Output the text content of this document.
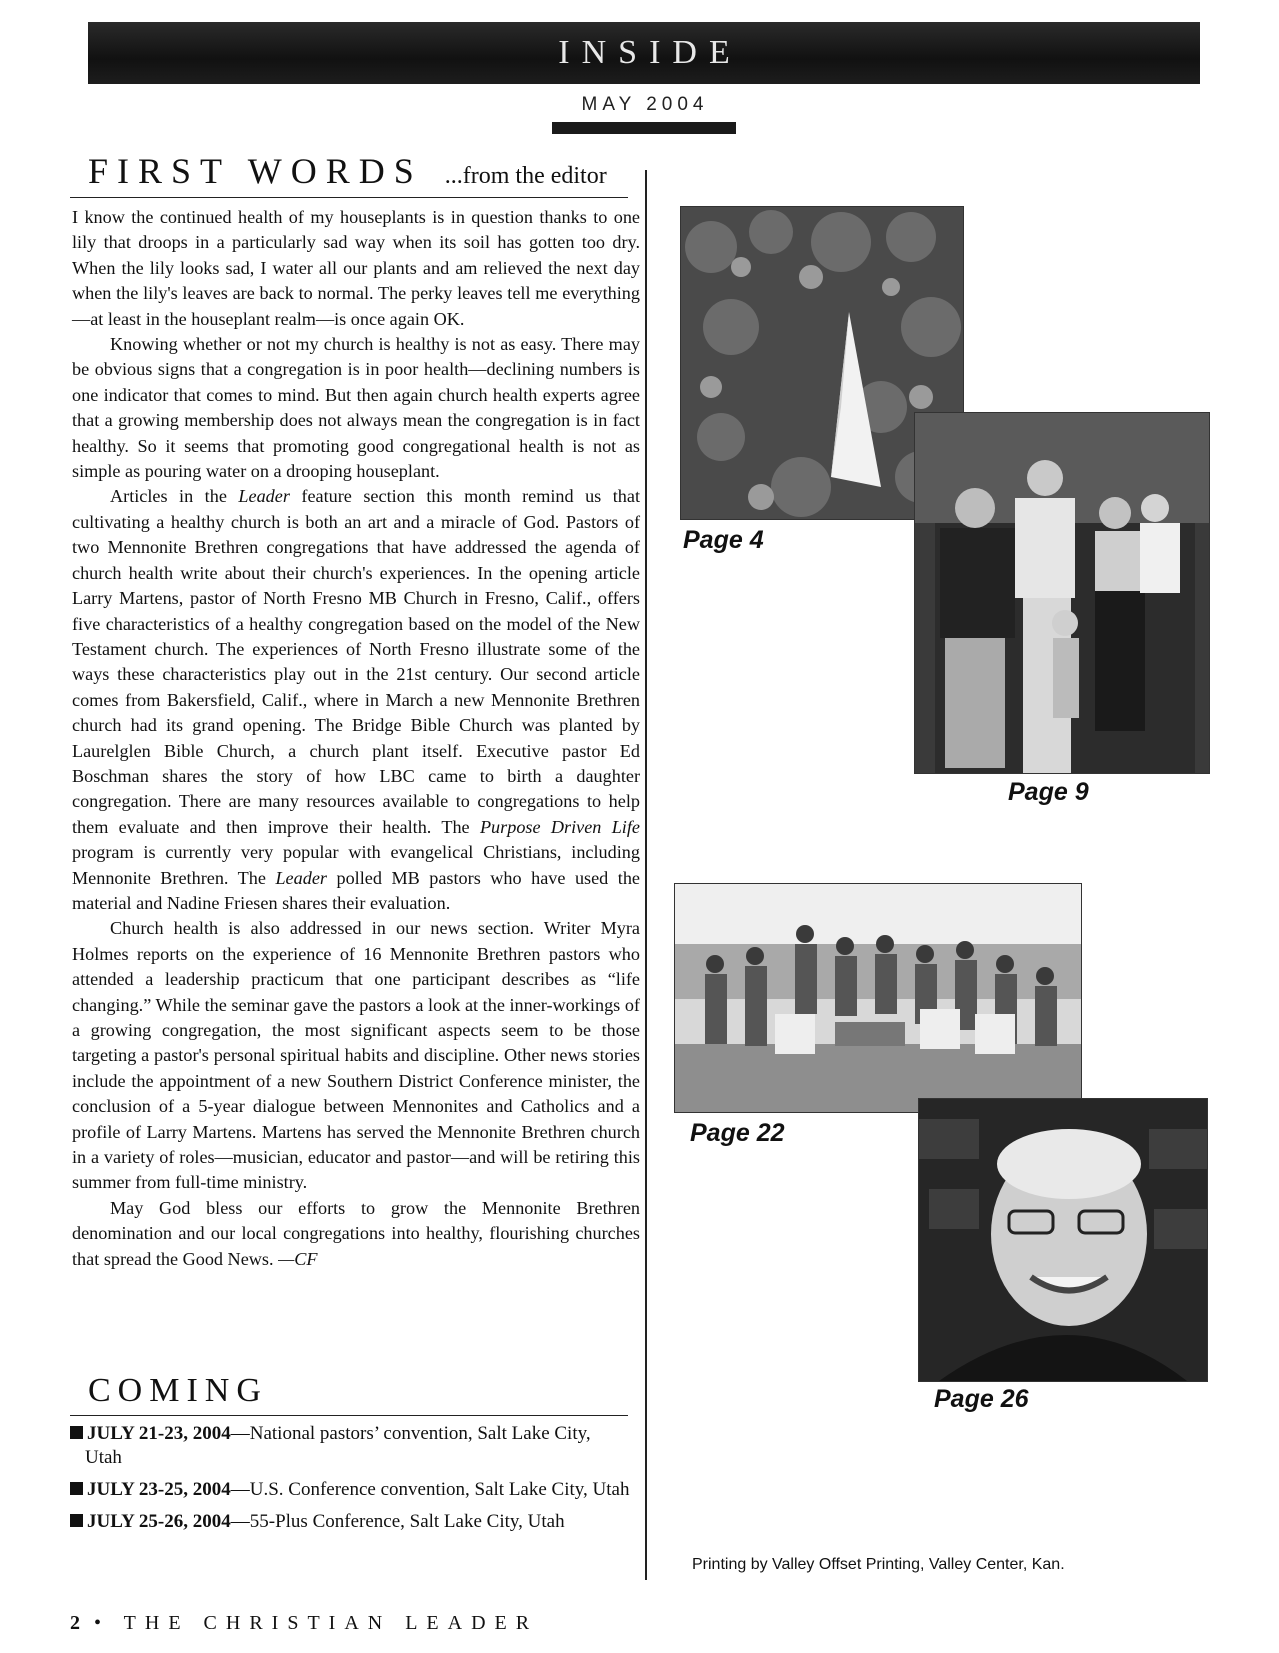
INSIDE
MAY 2004
FIRST WORDS ...from the editor

I know the continued health of my houseplants is in question thanks to one lily that droops in a particularly sad way when its soil has gotten too dry. When the lily looks sad, I water all our plants and am relieved the next day when the lily's leaves are back to normal. The perky leaves tell me everything—at least in the houseplant realm—is once again OK.

Knowing whether or not my church is healthy is not as easy. There may be obvious signs that a congregation is in poor health—declining numbers is one indicator that comes to mind. But then again church health experts agree that a growing membership does not always mean the congregation is in fact healthy. So it seems that promoting good congregational health is not as simple as pouring water on a drooping houseplant.

Articles in the Leader feature section this month remind us that cultivating a healthy church is both an art and a miracle of God. Pastors of two Mennonite Brethren congregations that have addressed the agenda of church health write about their church's experiences. In the opening article Larry Martens, pastor of North Fresno MB Church in Fresno, Calif., offers five characteristics of a healthy congregation based on the model of the New Testament church. The experiences of North Fresno illustrate some of the ways these characteristics play out in the 21st century. Our second article comes from Bakersfield, Calif., where in March a new Mennonite Brethren church had its grand opening. The Bridge Bible Church was planted by Laurelglen Bible Church, a church plant itself. Executive pastor Ed Boschman shares the story of how LBC came to birth a daughter congregation. There are many resources available to congregations to help them evaluate and then improve their health. The Purpose Driven Life program is currently very popular with evangelical Christians, including Mennonite Brethren. The Leader polled MB pastors who have used the material and Nadine Friesen shares their evaluation.

Church health is also addressed in our news section. Writer Myra Holmes reports on the experience of 16 Mennonite Brethren pastors who attended a leadership practicum that one participant describes as “life changing.” While the seminar gave the pastors a look at the inner-workings of a growing congregation, the most significant aspects seem to be those targeting a pastor's personal spiritual habits and discipline. Other news stories include the appointment of a new Southern District Conference minister, the conclusion of a 5-year dialogue between Mennonites and Catholics and a profile of Larry Martens. Martens has served the Mennonite Brethren church in a variety of roles—musician, educator and pastor—and will be retiring this summer from full-time ministry.

May God bless our efforts to grow the Mennonite Brethren denomination and our local congregations into healthy, flourishing churches that spread the Good News. —CF

COMING
JULY 21-23, 2004—National pastors’ convention, Salt Lake City, Utah
JULY 23-25, 2004—U.S. Conference convention, Salt Lake City, Utah
JULY 25-26, 2004—55-Plus Conference, Salt Lake City, Utah
2 • THE CHRISTIAN LEADER
Page 4
Page 9
Page 22
Page 26
Printing by Valley Offset Printing, Valley Center, Kan.
